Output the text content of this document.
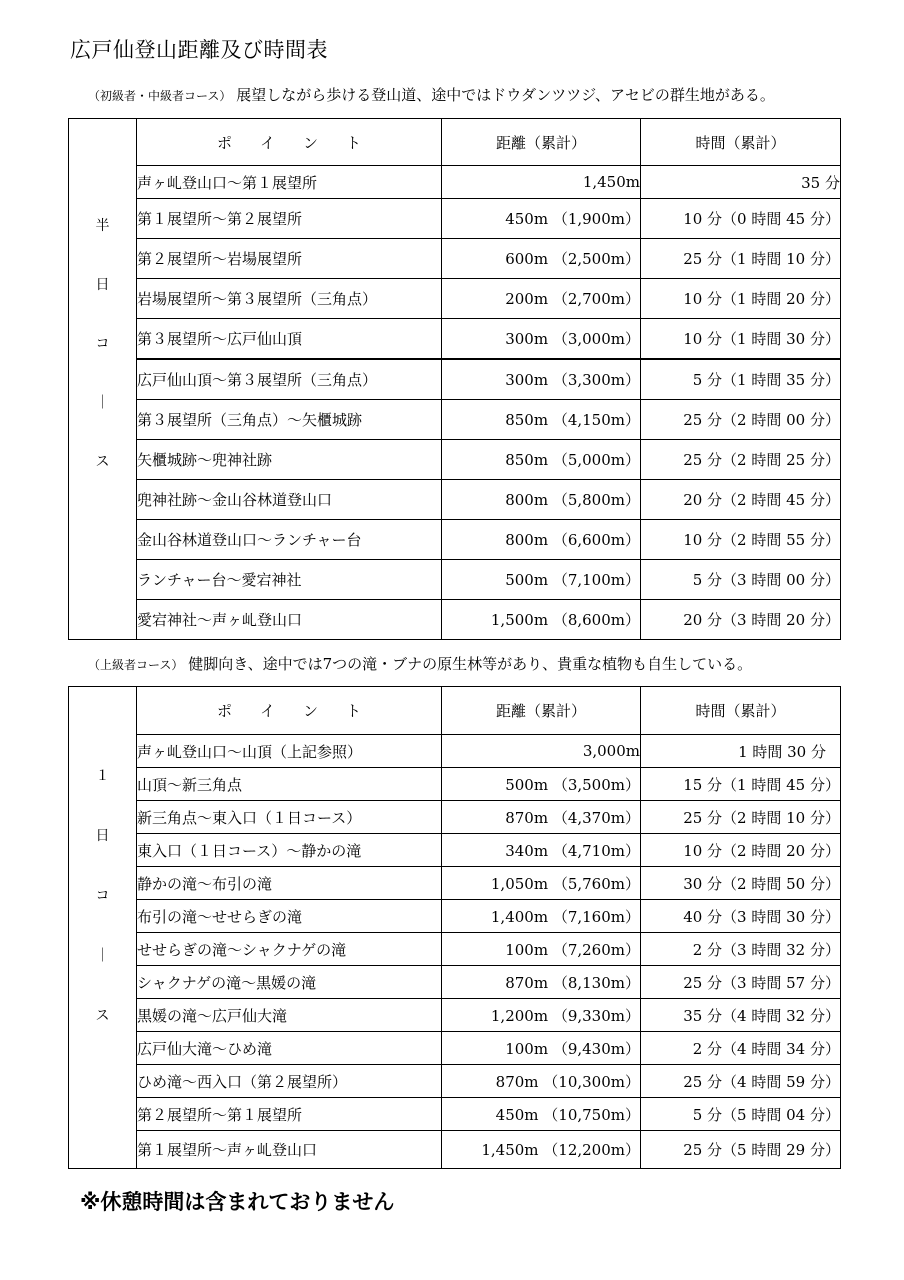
広戸仙登山距離及び時間表
（初級者・中級者コース） 展望しながら歩ける登山道、途中ではドウダンツツジ、アセビの群生地がある。
半
日
コ
｜
ス	ポイント	距離（累計）	時間（累計）
	声ヶ乢登山口～第１展望所	1,450m	35 分
	第１展望所～第２展望所	450m （1,900m）	10 分（0 時間 45 分）
	第２展望所～岩場展望所	600m （2,500m）	25 分（1 時間 10 分）
	岩場展望所～第３展望所（三角点）	200m （2,700m）	10 分（1 時間 20 分）
	第３展望所～広戸仙山頂	300m （3,000m）	10 分（1 時間 30 分）
	広戸仙山頂～第３展望所（三角点）	300m （3,300m）	5 分（1 時間 35 分）
	第３展望所（三角点）～矢櫃城跡	850m （4,150m）	25 分（2 時間 00 分）
	矢櫃城跡～兜神社跡	850m （5,000m）	25 分（2 時間 25 分）
	兜神社跡～金山谷林道登山口	800m （5,800m）	20 分（2 時間 45 分）
	金山谷林道登山口～ランチャー台	800m （6,600m）	10 分（2 時間 55 分）
	ランチャー台～愛宕神社	500m （7,100m）	5 分（3 時間 00 分）
	愛宕神社～声ヶ乢登山口	1,500m （8,600m）	20 分（3 時間 20 分）
（上級者コース） 健脚向き、途中では7つの滝・ブナの原生林等があり、貴重な植物も自生している。
１
日
コ
｜
ス	ポイント	距離（累計）	時間（累計）
	声ヶ乢登山口～山頂（上記参照）	3,000m	1 時間 30 分
	山頂～新三角点	500m （3,500m）	15 分（1 時間 45 分）
	新三角点～東入口（１日コース）	870m （4,370m）	25 分（2 時間 10 分）
	東入口（１日コース）～静かの滝	340m （4,710m）	10 分（2 時間 20 分）
	静かの滝～布引の滝	1,050m （5,760m）	30 分（2 時間 50 分）
	布引の滝～せせらぎの滝	1,400m （7,160m）	40 分（3 時間 30 分）
	せせらぎの滝～シャクナゲの滝	100m （7,260m）	2 分（3 時間 32 分）
	シャクナゲの滝～黒媛の滝	870m （8,130m）	25 分（3 時間 57 分）
	黒媛の滝～広戸仙大滝	1,200m （9,330m）	35 分（4 時間 32 分）
	広戸仙大滝～ひめ滝	100m （9,430m）	2 分（4 時間 34 分）
	ひめ滝～西入口（第２展望所）	870m （10,300m）	25 分（4 時間 59 分）
	第２展望所～第１展望所	450m （10,750m）	5 分（5 時間 04 分）
	第１展望所～声ヶ乢登山口	1,450m （12,200m）	25 分（5 時間 29 分）
※休憩時間は含まれておりません
